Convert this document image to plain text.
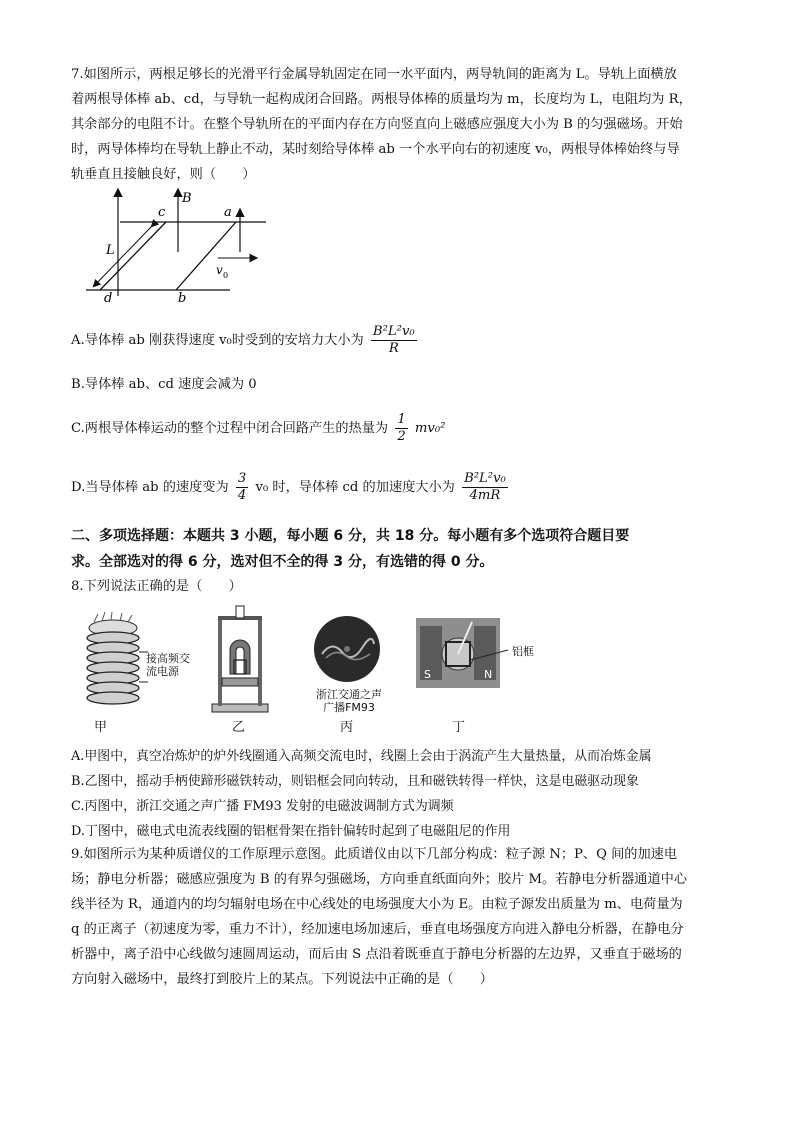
7.如图所示，两根足够长的光滑平行金属导轨固定在同一水平面内，两导轨间的距离为 L。导轨上面横放
着两根导体棒 ab、cd，与导轨一起构成闭合回路。两根导体棒的质量均为 m，长度均为 L，电阻均为 R，
其余部分的电阻不计。在整个导轨所在的平面内存在方向竖直向上磁感应强度大小为 B 的匀强磁场。开始
时，两导体棒均在导轨上静止不动，某时刻给导体棒 ab 一个水平向右的初速度 v₀，两根导体棒始终与导
轨垂直且接触良好，则（　　）
B
c	a
L
v 0
d	b
A.导体棒 ab 刚获得速度 v₀时受到的安培力大小为 $\frac{\text{B²L²v₀}}{R}$
B.导体棒 ab、cd 速度会减为 0
C.两根导体棒运动的整个过程中闭合回路产生的热量为 $\frac{1}{2} mv_0^2$
D.当导体棒 ab 的速度变为 $\frac{3}{4} v_0$ 时，导体棒 cd 的加速度大小为 $\frac{\text{B²L²v₀}}{4mR}$
二、多项选择题：本题共 3 小题，每小题 6 分，共 18 分。每小题有多个选项符合题目要
求。全部选对的得 6 分，选对但不全的得 3 分，有选错的得 0 分。
8.下列说法正确的是（　　）
接高频交流电源
浙江交通之声
广播FM93
S	N
铝框
甲	乙	丙	丁
A.甲图中，真空冶炼炉的炉外线圈通入高频交流电时，线圈上会由于涡流产生大量热量，从而冶炼金属
B.乙图中，摇动手柄使蹄形磁铁转动，则铝框会同向转动，且和磁铁转得一样快，这是电磁驱动现象
C.丙图中，浙江交通之声广播 FM93 发射的电磁波调制方式为调频
D.丁图中，磁电式电流表线圈的铝框骨架在指针偏转时起到了电磁阻尼的作用
9.如图所示为某种质谱仪的工作原理示意图。此质谱仪由以下几部分构成：粒子源 N；P、Q 间的加速电
场；静电分析器；磁感应强度为 B 的有界匀强磁场，方向垂直纸面向外；胶片 M。若静电分析器通道中心
线半径为 R，通道内的均匀辐射电场在中心线处的电场强度大小为 E。由粒子源发出质量为 m、电荷量为
q 的正离子（初速度为零，重力不计），经加速电场加速后，垂直电场强度方向进入静电分析器，在静电分
析器中，离子沿中心线做匀速圆周运动，而后由 S 点沿着既垂直于静电分析器的左边界，又垂直于磁场的
方向射入磁场中，最终打到胶片上的某点。下列说法中正确的是（　　）
